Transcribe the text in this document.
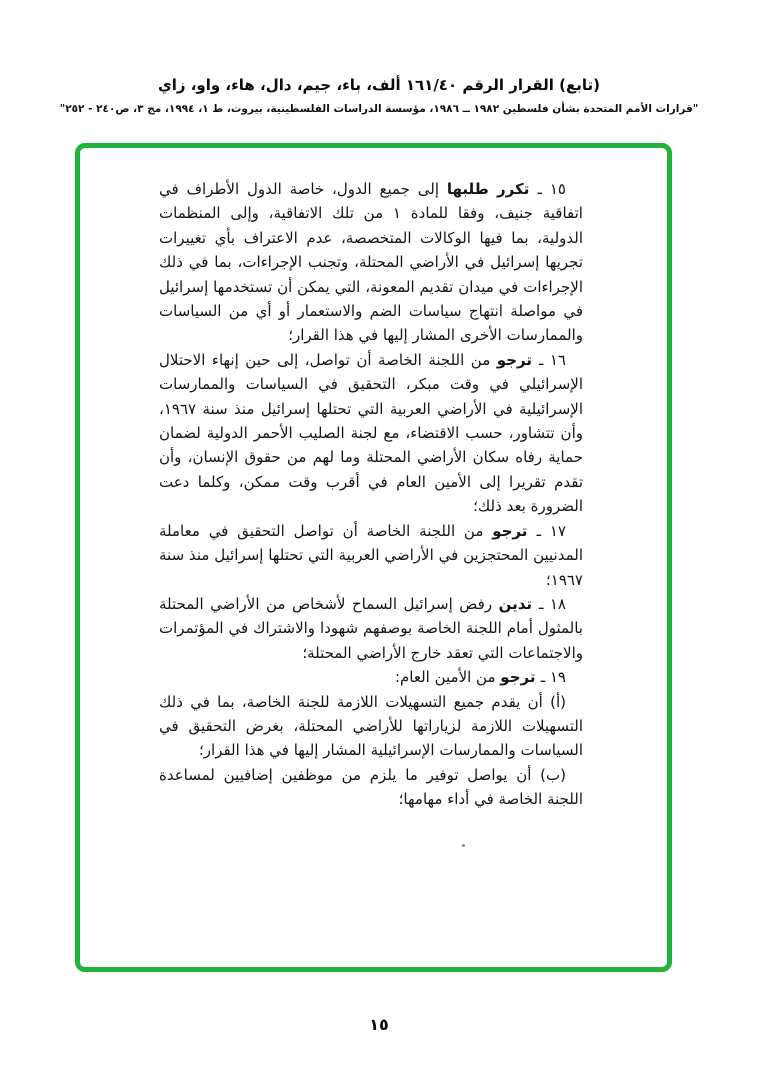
(تابع) القرار الرقم ١٦١/٤٠ ألف، باء، جيم، دال، هاء، واو، زاي
"قرارات الأمم المتحدة بشأن فلسطين ١٩٨٢ ــ ١٩٨٦، مؤسسة الدراسات الفلسطينية، بيروت، ط ١، ١٩٩٤، مج ٣، ص٢٤٠ - ٢٥٢"

١٥ ـ تكرر طلبها إلى جميع الدول، خاصة الدول الأطراف في اتفاقية جنيف، وفقا للمادة ١ من تلك الاتفاقية، وإلى المنظمات الدولية، بما فيها الوكالات المتخصصة، عدم الاعتراف بأي تغييرات تجريها إسرائيل في الأراضي المحتلة، وتجنب الإجراءات، بما في ذلك الإجراءات في ميدان تقديم المعونة، التي يمكن أن تستخدمها إسرائيل في مواصلة انتهاج سياسات الضم والاستعمار أو أي من السياسات والممارسات الأخرى المشار إليها في هذا القرار؛

١٦ ـ ترجو من اللجنة الخاصة أن تواصل، إلى حين إنهاء الاحتلال الإسرائيلي في وقت مبكر، التحقيق في السياسات والممارسات الإسرائيلية في الأراضي العربية التي تحتلها إسرائيل منذ سنة ١٩٦٧، وأن تتشاور، حسب الاقتضاء، مع لجنة الصليب الأحمر الدولية لضمان حماية رفاه سكان الأراضي المحتلة وما لهم من حقوق الإنسان، وأن تقدم تقريرا إلى الأمين العام في أقرب وقت ممكن، وكلما دعت الضرورة بعد ذلك؛

١٧ ـ ترجو من اللجنة الخاصة أن تواصل التحقيق في معاملة المدنيين المحتجزين في الأراضي العربية التي تحتلها إسرائيل منذ سنة ١٩٦٧؛

١٨ ـ تدين رفض إسرائيل السماح لأشخاص من الأراضي المحتلة بالمثول أمام اللجنة الخاصة بوصفهم شهودا والاشتراك في المؤتمرات والاجتماعات التي تعقد خارج الأراضي المحتلة؛

١٩ ـ ترجو من الأمين العام:

(أ) أن يقدم جميع التسهيلات اللازمة للجنة الخاصة، بما في ذلك التسهيلات اللازمة لزياراتها للأراضي المحتلة، بغرض التحقيق في السياسات والممارسات الإسرائيلية المشار إليها في هذا القرار؛

(ب) أن يواصل توفير ما يلزم من موظفين إضافيين لمساعدة اللجنة الخاصة في أداء مهامها؛

١٥
